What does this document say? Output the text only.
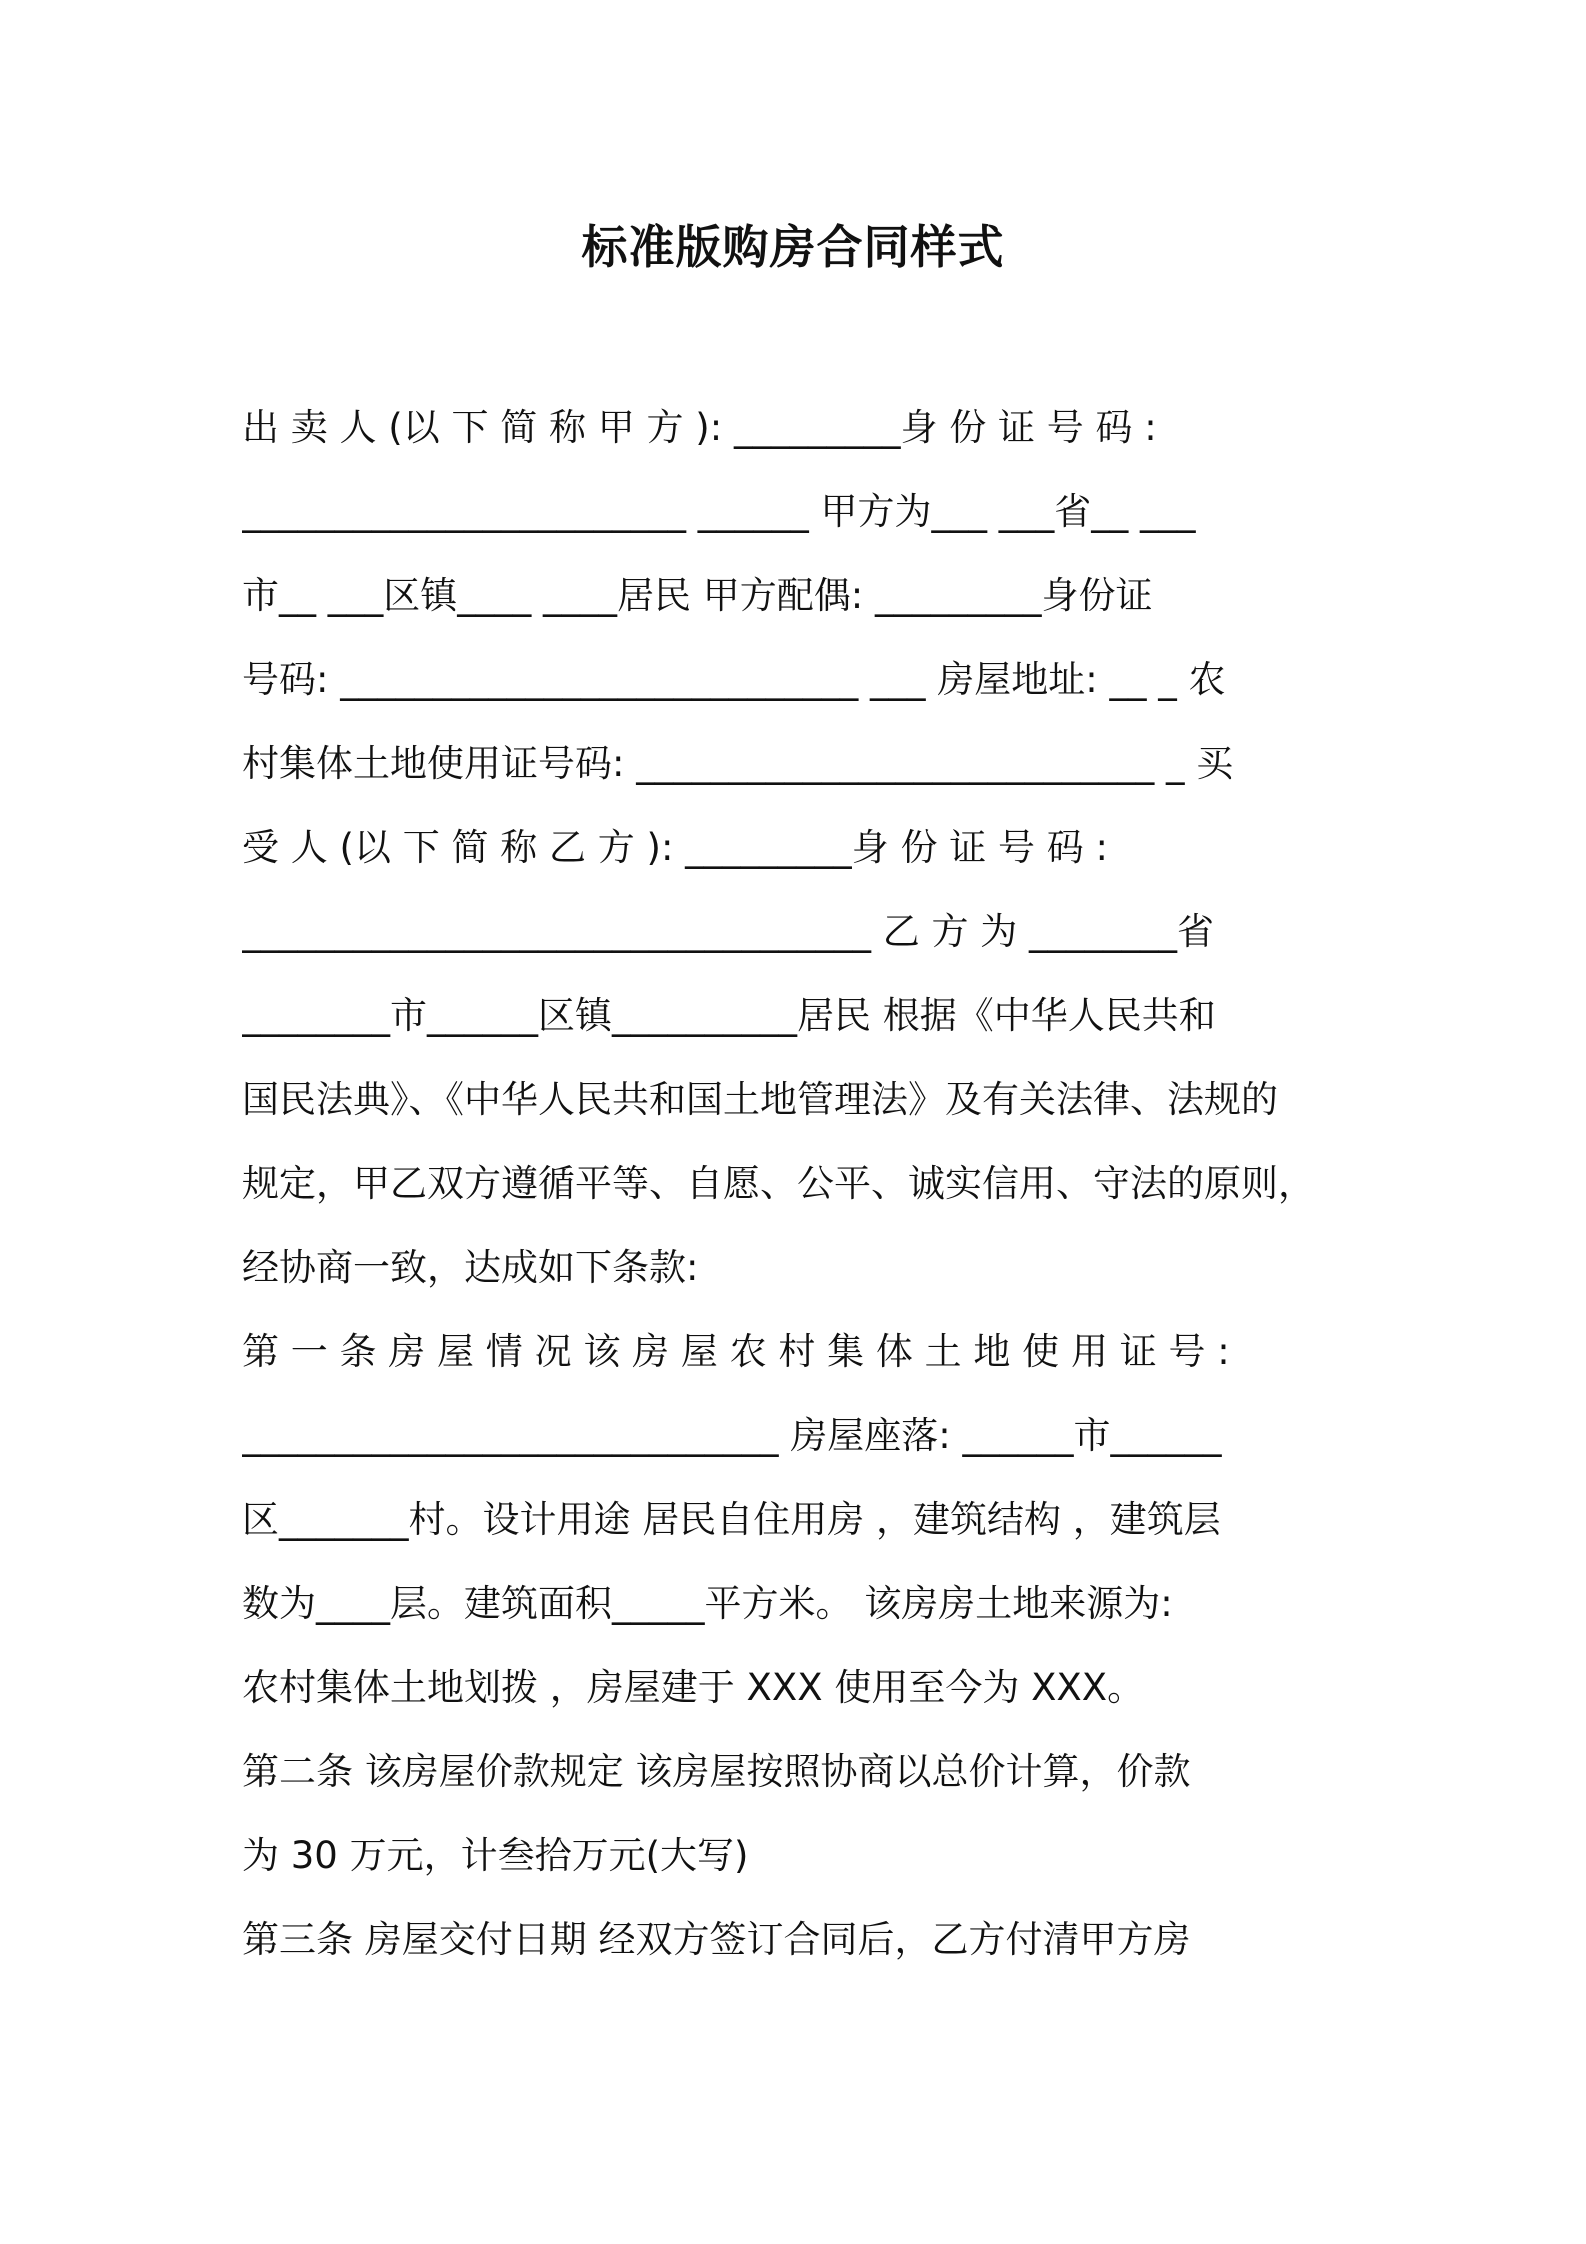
标准版购房合同样式

出 卖 人 (以 下 简 称 甲 方 ): _________身 份 证 号 码 :

________________________ ______ 甲方为___ ___省__ ___

市__ ___区镇____ ____居民 甲方配偶: _________身份证

号码: ____________________________ ___ 房屋地址: __ _ 农

村集体土地使用证号码: ____________________________ _ 买

受 人 (以 下 简 称 乙 方 ): _________身 份 证 号 码 :

__________________________________ 乙 方 为 ________省

________市______区镇__________居民 根据《中华人民共和

国民法典》、《中华人民共和国土地管理法》及有关法律、法规的

规定，甲乙双方遵循平等、自愿、公平、诚实信用、守法的原则，

经协商一致，达成如下条款:

第 一 条 房 屋 情 况 该 房 屋 农 村 集 体 土 地 使 用 证 号 :

_____________________________ 房屋座落: ______市______

区_______村。设计用途 居民自住用房 ，建筑结构 ，建筑层

数为____层。建筑面积_____平方米。 该房房土地来源为:

农村集体土地划拨 ，房屋建于 XXX 使用至今为 XXX。

第二条 该房屋价款规定 该房屋按照协商以总价计算，价款

为 30 万元，计叁拾万元(大写)

第三条 房屋交付日期 经双方签订合同后，乙方付清甲方房
